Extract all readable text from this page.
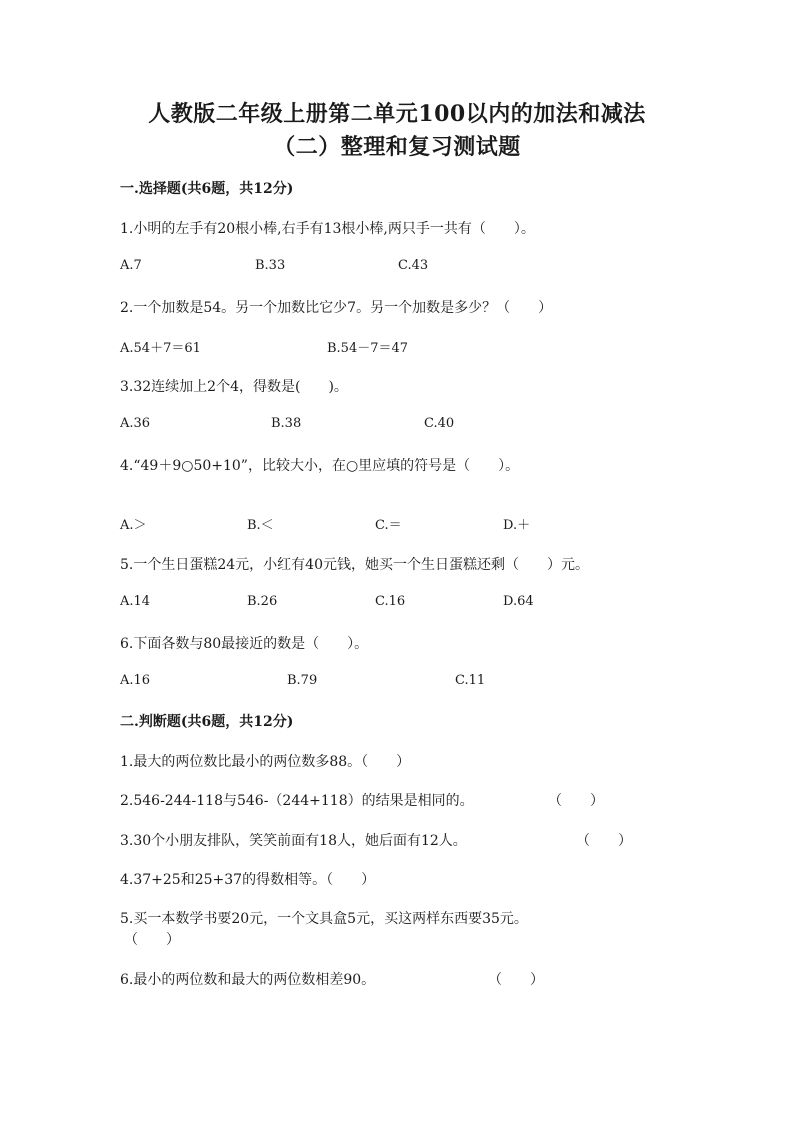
人教版二年级上册第二单元100以内的加法和减法
（二）整理和复习测试题
一.选择题(共6题，共12分)
1.小明的左手有20根小棒,右手有13根小棒,两只手一共有（　　）。
A.7	B.33	C.43
2.一个加数是54。另一个加数比它少7。另一个加数是多少？（　　）
A.54＋7＝61	B.54－7＝47
3.32连续加上2个4，得数是(　　)。
A.36	B.38	C.40
4.“49＋9○50+10”，比较大小，在○里应填的符号是（　　）。
A.＞	B.＜	C.＝	D.＋
5.一个生日蛋糕24元，小红有40元钱，她买一个生日蛋糕还剩（　　）元。
A.14	B.26	C.16	D.64
6.下面各数与80最接近的数是（　　）。
A.16	B.79	C.11
二.判断题(共6题，共12分)
1.最大的两位数比最小的两位数多88。（　　）
2.546-244-118与546-（244+118）的结果是相同的。	（　　）
3.30个小朋友排队，笑笑前面有18人，她后面有12人。	（　　）
4.37+25和25+37的得数相等。（　　）
5.买一本数学书要20元，一个文具盒5元，买这两样东西要35元。
（　　）
6.最小的两位数和最大的两位数相差90。	（　　）
